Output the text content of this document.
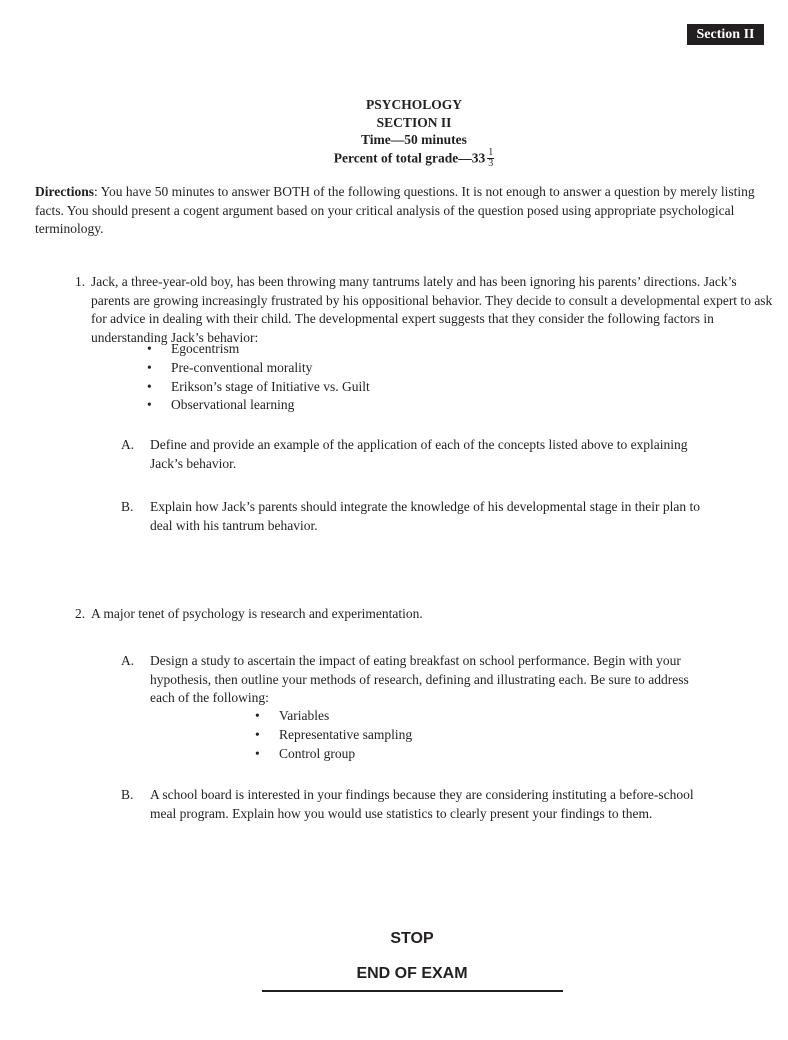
Section II
PSYCHOLOGY
SECTION II
Time—50 minutes
Percent of total grade—33 $\frac{1}{3}$
Directions: You have 50 minutes to answer BOTH of the following questions. It is not enough to answer a question by merely listing facts. You should present a cogent argument based on your critical analysis of the question posed using appropriate psychological terminology.
1. Jack, a three-year-old boy, has been throwing many tantrums lately and has been ignoring his parents’ directions. Jack’s parents are growing increasingly frustrated by his oppositional behavior. They decide to consult a developmental expert to ask for advice in dealing with their child. The developmental expert suggests that they consider the following factors in understanding Jack’s behavior:
• Egocentrism
• Pre-conventional morality
• Erikson’s stage of Initiative vs. Guilt
• Observational learning
A. Define and provide an example of the application of each of the concepts listed above to explaining Jack’s behavior.
B. Explain how Jack’s parents should integrate the knowledge of his developmental stage in their plan to deal with his tantrum behavior.
2. A major tenet of psychology is research and experimentation.
A. Design a study to ascertain the impact of eating breakfast on school performance. Begin with your hypothesis, then outline your methods of research, defining and illustrating each. Be sure to address each of the following:
• Variables
• Representative sampling
• Control group
B. A school board is interested in your findings because they are considering instituting a before-school meal program. Explain how you would use statistics to clearly present your findings to them.
STOP
END OF EXAM
